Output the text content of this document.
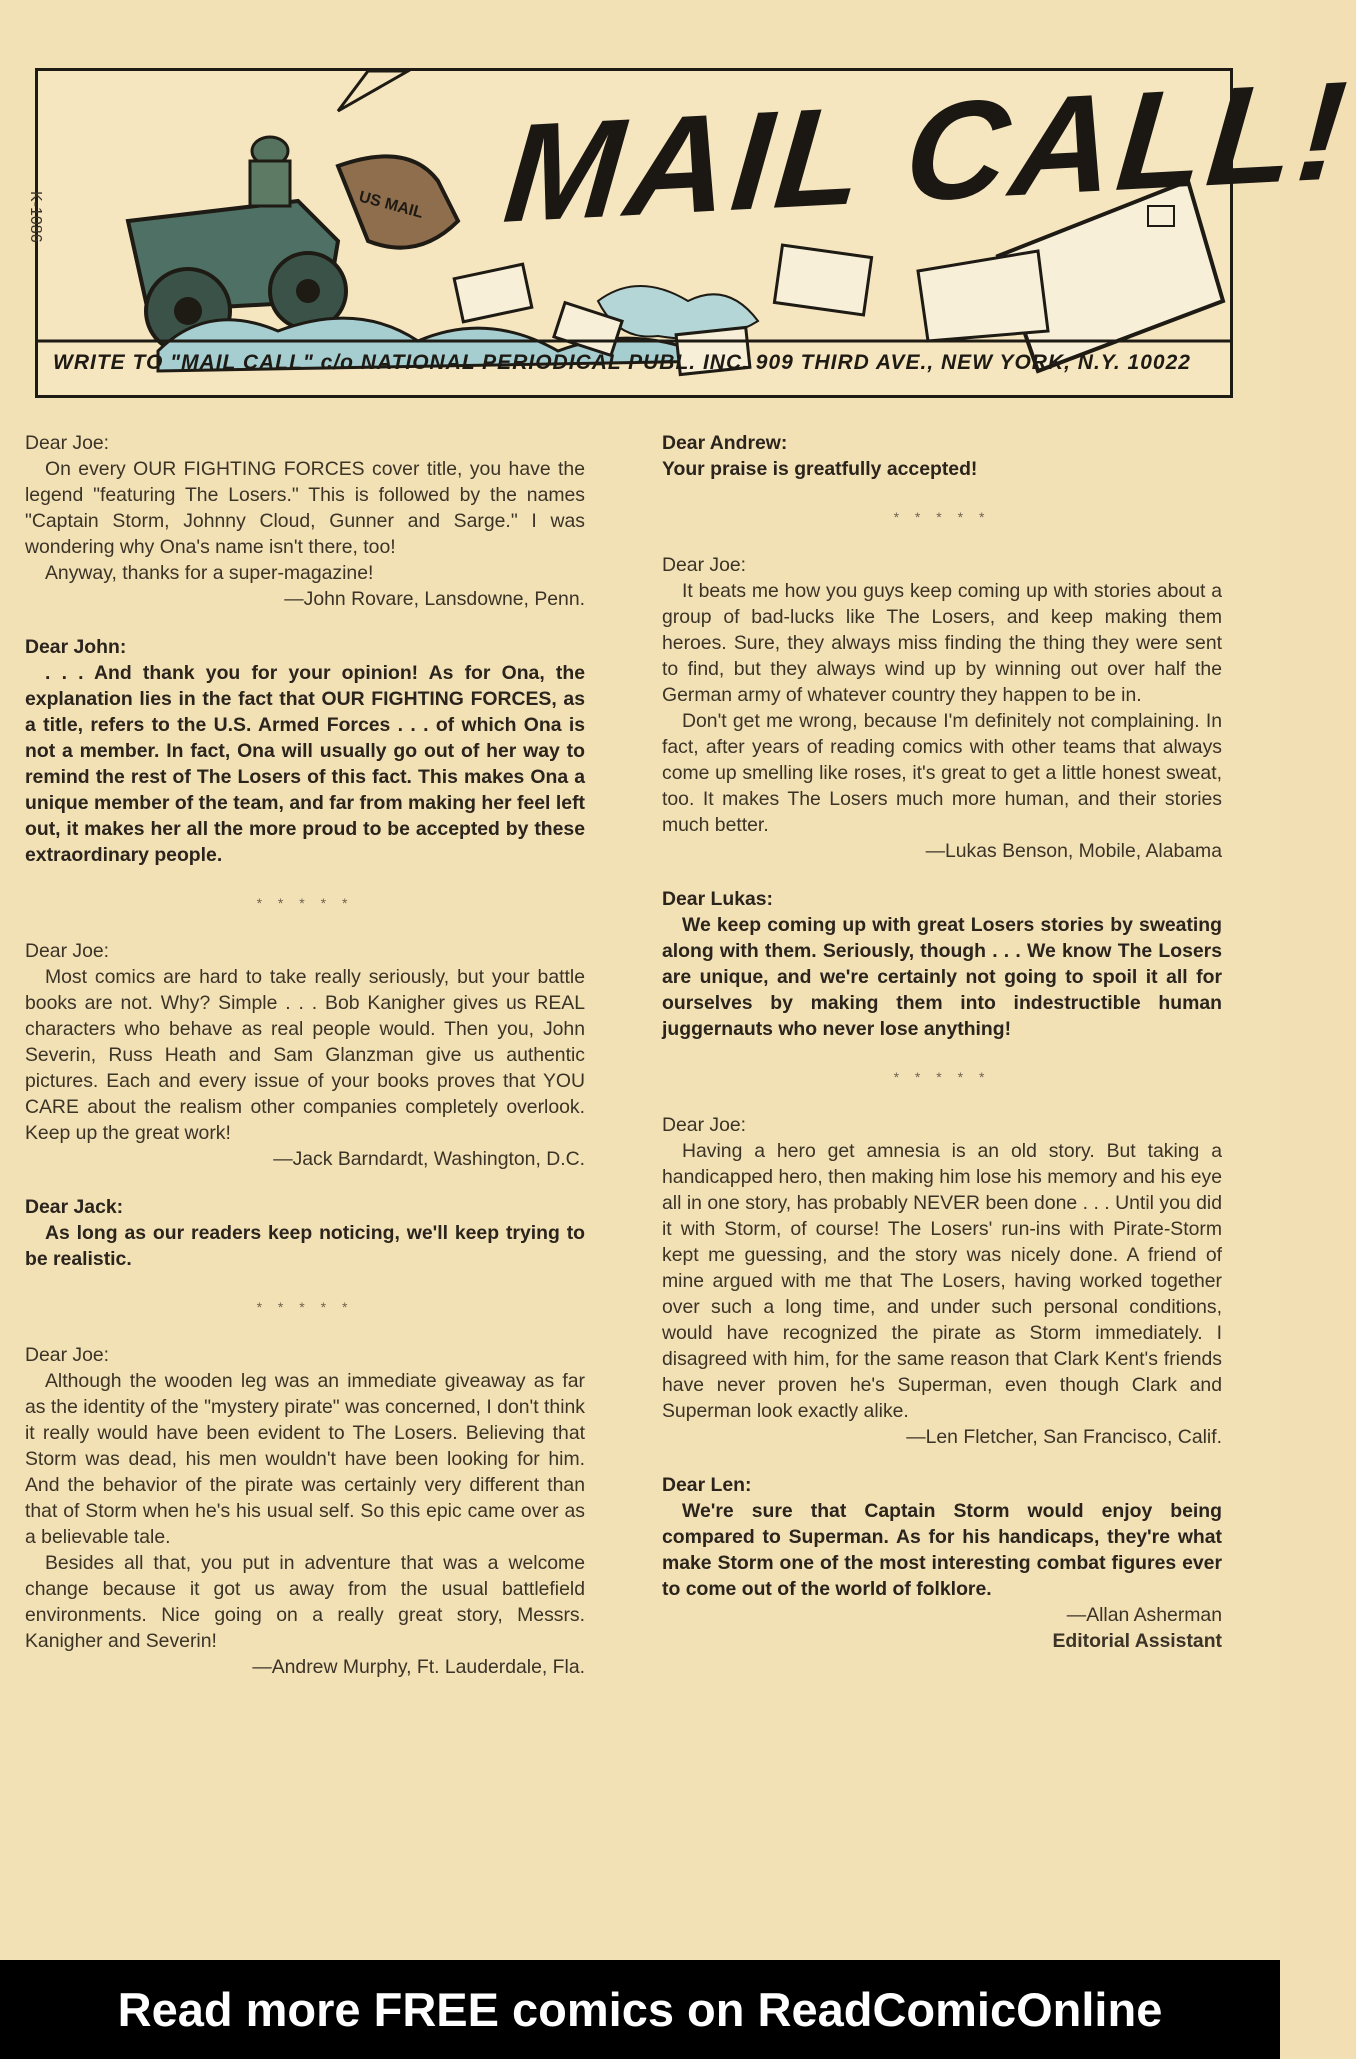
US MAIL MAIL CALL!
K-1086
WRITE TO "MAIL CALL" c/o NATIONAL PERIODICAL PUBL. INC. 909 THIRD AVE., NEW YORK, N.Y. 10022

Dear Joe:

On every OUR FIGHTING FORCES cover title, you have the legend "featuring The Losers." This is followed by the names "Captain Storm, Johnny Cloud, Gunner and Sarge." I was wondering why Ona's name isn't there, too!

Anyway, thanks for a super-magazine!

—John Rovare, Lansdowne, Penn.

Dear John:

. . . And thank you for your opinion! As for Ona, the explanation lies in the fact that OUR FIGHTING FORCES, as a title, refers to the U.S. Armed Forces . . . of which Ona is not a member. In fact, Ona will usually go out of her way to remind the rest of The Losers of this fact. This makes Ona a unique member of the team, and far from making her feel left out, it makes her all the more proud to be accepted by these extraordinary people.

* * * * *

Dear Joe:

Most comics are hard to take really seriously, but your battle books are not. Why? Simple . . . Bob Kanigher gives us REAL characters who behave as real people would. Then you, John Severin, Russ Heath and Sam Glanzman give us authentic pictures. Each and every issue of your books proves that YOU CARE about the realism other companies completely overlook. Keep up the great work!

—Jack Barndardt, Washington, D.C.

Dear Jack:

As long as our readers keep noticing, we'll keep trying to be realistic.

* * * * *

Dear Joe:

Although the wooden leg was an immediate giveaway as far as the identity of the "mystery pirate" was concerned, I don't think it really would have been evident to The Losers. Believing that Storm was dead, his men wouldn't have been looking for him. And the behavior of the pirate was certainly very different than that of Storm when he's his usual self. So this epic came over as a believable tale.

Besides all that, you put in adventure that was a welcome change because it got us away from the usual battlefield environments. Nice going on a really great story, Messrs. Kanigher and Severin!

—Andrew Murphy, Ft. Lauderdale, Fla.

Dear Andrew:

Your praise is greatfully accepted!

* * * * *

Dear Joe:

It beats me how you guys keep coming up with stories about a group of bad-lucks like The Losers, and keep making them heroes. Sure, they always miss finding the thing they were sent to find, but they always wind up by winning out over half the German army of whatever country they happen to be in.

Don't get me wrong, because I'm definitely not complaining. In fact, after years of reading comics with other teams that always come up smelling like roses, it's great to get a little honest sweat, too. It makes The Losers much more human, and their stories much better.

—Lukas Benson, Mobile, Alabama

Dear Lukas:

We keep coming up with great Losers stories by sweating along with them. Seriously, though . . . We know The Losers are unique, and we're certainly not going to spoil it all for ourselves by making them into indestructible human juggernauts who never lose anything!

* * * * *

Dear Joe:

Having a hero get amnesia is an old story. But taking a handicapped hero, then making him lose his memory and his eye all in one story, has probably NEVER been done . . . Until you did it with Storm, of course! The Losers' run-ins with Pirate-Storm kept me guessing, and the story was nicely done. A friend of mine argued with me that The Losers, having worked together over such a long time, and under such personal conditions, would have recognized the pirate as Storm immediately. I disagreed with him, for the same reason that Clark Kent's friends have never proven he's Superman, even though Clark and Superman look exactly alike.

—Len Fletcher, San Francisco, Calif.

Dear Len:

We're sure that Captain Storm would enjoy being compared to Superman. As for his handicaps, they're what make Storm one of the most interesting combat figures ever to come out of the world of folklore.

—Allan Asherman

Editorial Assistant

Read more FREE comics on ReadComicOnline
